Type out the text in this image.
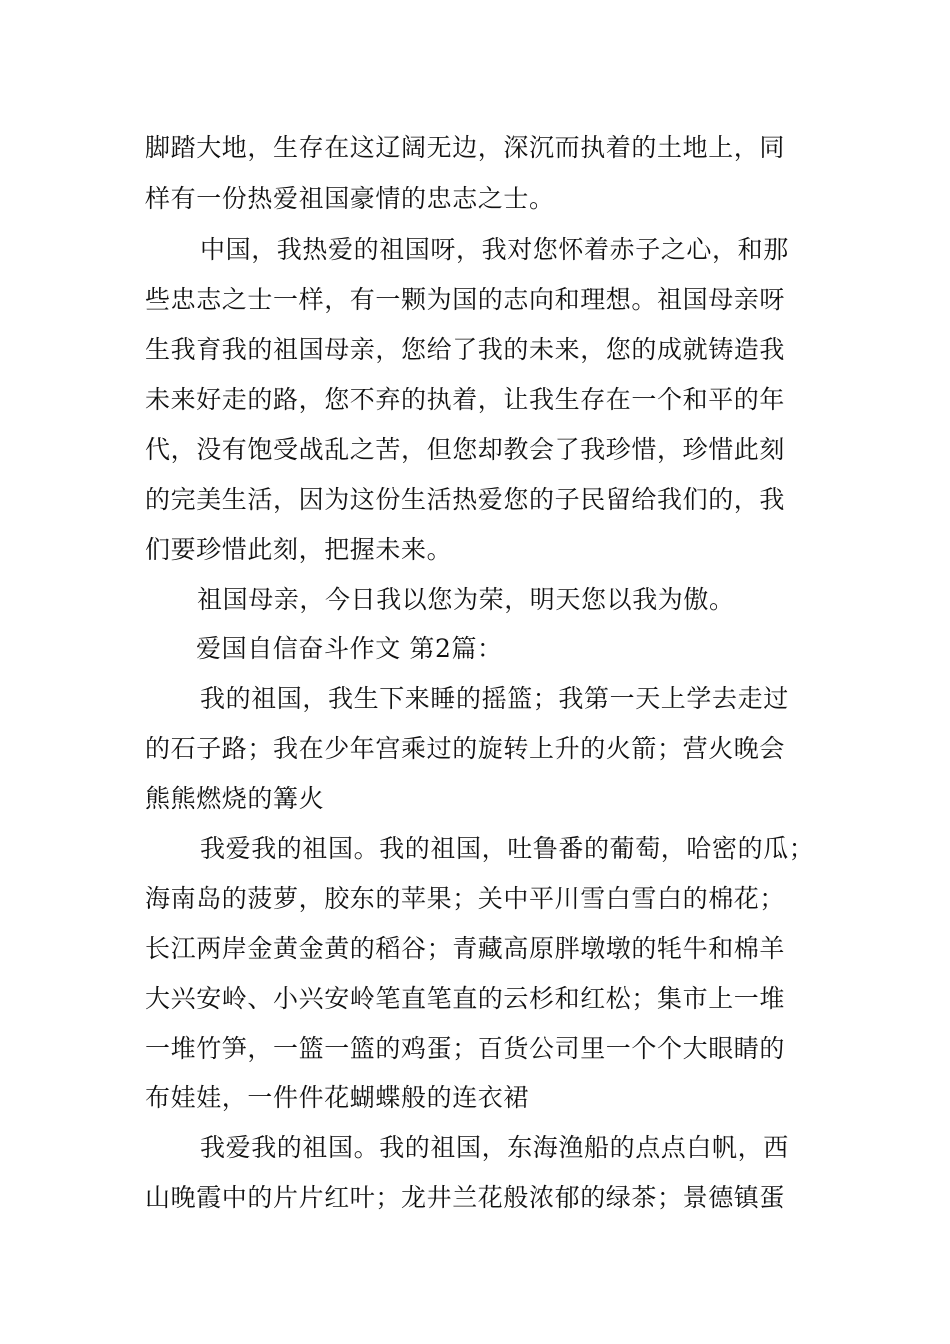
脚踏大地，生存在这辽阔无边，深沉而执着的土地上，同

样有一份热爱祖国豪情的忠志之士。

中国，我热爱的祖国呀，我对您怀着赤子之心，和那

些忠志之士一样，有一颗为国的志向和理想。祖国母亲呀

生我育我的祖国母亲，您给了我的未来，您的成就铸造我

未来好走的路，您不弃的执着，让我生存在一个和平的年

代，没有饱受战乱之苦，但您却教会了我珍惜，珍惜此刻

的完美生活，因为这份生活热爱您的子民留给我们的，我

们要珍惜此刻，把握未来。

祖国母亲，今日我以您为荣，明天您以我为傲。

爱国自信奋斗作文 第2篇：

我的祖国，我生下来睡的摇篮；我第一天上学去走过

的石子路；我在少年宫乘过的旋转上升的火箭；营火晚会

熊熊燃烧的篝火

我爱我的祖国。我的祖国，吐鲁番的葡萄，哈密的瓜；

海南岛的菠萝，胶东的苹果；关中平川雪白雪白的棉花；

长江两岸金黄金黄的稻谷；青藏高原胖墩墩的牦牛和棉羊

大兴安岭、小兴安岭笔直笔直的云杉和红松；集市上一堆

一堆竹笋，一篮一篮的鸡蛋；百货公司里一个个大眼睛的

布娃娃，一件件花蝴蝶般的连衣裙

我爱我的祖国。我的祖国，东海渔船的点点白帆，西

山晚霞中的片片红叶；龙井兰花般浓郁的绿茶；景德镇蛋
